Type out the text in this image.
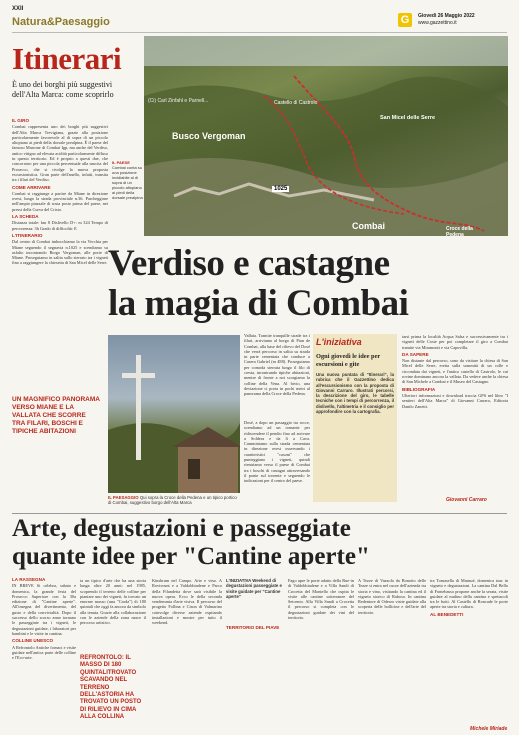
XXII
Natura&Paesaggio	G	Giovedì 26 Maggio 2022
www.gazzettino.it
Itinerari
È uno dei borghi più suggestivi dell'Alta Marca: come scoprirlo
(Ci) Carl Zinfahl e Parnell...	Castello di Castrolo
San Micel delle Serre
Busco Vergoman
1025
Croce della Pedena
Combai
IL PAESE Combai conta su una posizione invidiabile al di sopra di un piccolo altopiano ai piedi della dorsale prealpina
IL GIRO

Combai rappresenta uno dei borghi più suggestivi dell'Alta Marca Trevigiana, grazie alla posizione particolarmente favorevole al di sopra di un piccolo altopiano ai piedi della dorsale prealpina. È il paese del famoso Marrone di Combai Igp, ma anche del Verdiso, antico vitigno ad elevata acidità particolarmente diffuso in questo territorio. Ed è proprio a questi due, che concorrono per una piccola percentuale alla nascita del Prosecco, che si rivolge la nuova proposta escursionistica. Gran parte dell'anello, infatti, transita tra i filari del Verdiso.

COME ARRIVARE

Combai si raggiunge a partire da Miane in direzione ovest, lungo la strada provinciale n.36. Parcheggiare nell'ampio piazzale di sosta posto prima del paese, nei pressi della Curva del Cristo.

LA SCHEDA

Distanza totale: km 8 Dislivello D+: m 324 Tempo di percorrenza: 3h Grado di difficoltà: E

L'ITINERARIO

Dal centro di Combai imbocchiamo la via Vecchia per Miane seguendo il segnavia n.1025 e scendiamo su asfalto incontrando Borgo Vergoman, alle porte di Miane. Proseguiamo in salita sullo sterrato tra i vigneti fino a raggiungere la chiesetta di San Micel delle Serre.

UN MAGNIFICO PANORAMA VERSO MIANE E LA VALLATA CHE SCORRE TRA FILARI, BOSCHI E TIPICHE ABITAZIONI
Verdiso e castagne
la magia di Combai
IL PAESAGGIO Qui sopra la Croce della Pedena e un tipico portico di Combai, suggestivo borgo dell'Alta Marca

Vallata. Tramite tranquille strade tra i filari, arriviamo al borgo di Pian de Combai, alla base del rilievo del Dosé che verrà percorso in salita su strada in parte cementata che conduce a Casera Gabriel (m 488). Proseguiamo per comoda sterrata lungo il filo di cresta, incontrando tipiche abitazioni, mentre di fronte a noi scorgiamo la colline della Vena. Al bivio, una deviazione ci porta in pochi metri al panorama della Croce della Pedena.

Dosé, a dopo un passaggio tra rocce, scendiamo ad un tornante per ridiscendere il pendio fino ad arrivare a Soldera e da lì a Cava. Camminiamo sulla strada cementata in direzione ovest osservando i caratteristici "casoni" che punteggiano i vigneti, quindi rientriamo verso il paese di Combai tra i boschi di castagni attraversando il ponte sul torrente e seguendo le indicazioni per il centro del paese.

L'iniziativa
Ogni giovedì le idee per escursioni e gite
Una nuova puntata di "Itinerari", la rubrica che il Gazzettino dedica all'escursionismo con la proposta di Giovanni Carraro. Illustrati percorsi, la descrizione del giro, le tabelle tecniche con i tempi di percorrenza, il dislivello, l'altimetria e il consiglio per approfondire con la cartografia.

tarsi prima la località Acqua Salsa e successivamente tra i vigneti delle Coste per poi completare il giro a Combai tramite via Miramonti e via Capovilla.

DA SAPERE

Non distante dal percorso, sono da visitare la chiesa di San Micel delle Serre, eretta sulla sommità di un colle e circondata dai vigneti, e l'antico castello di Castrolo, le cui rovine dominano ancora la vallata. Da vedere anche la chiesa di San Michele a Combai e il Museo del Castagno.

BIBLIOGRAFIA

Ulteriori informazioni e download traccia GPS nel libro "I sentieri dell'Alta Marca" di Giovanni Carraro, Editoria Danilo Zanetti.

Giovanni Carraro
Arte, degustazioni e passeggiate
quante idee per "Cantine aperte"
LA RASSEGNA

IN BREVE Si celebra, sabato e domenica, la grande festa del Prosecco Superiore con la 30a edizione di "Cantine aperte". All'insegna del divertimento, del gusto e della convivialità. Dopo il successo dello scorso anno tornano le passeggiate tra i vigneti, le degustazioni guidate, i laboratori per bambini e le visite in cantina.

COLLINE UNESCO

A Refrontolo Antiche fornaci e visite guidate nell'antica parte delle colline e l'Eco-arte.

ta un tipico d'arte che ha una storia lunga oltre 20 anni: nel 1985, scoprendo il terreno delle colline per piantare uno dei vigneti, fu trovato un enorme masso (una "Croda") di 180 quintali che oggi fa ancora da simbolo alla tenuta. Grazie alla collaborazione con le aziende della zona nasce il percorso artistico.

REFRONTOLO: IL MASSO DI 180 QUINTALITROVATO SCAVANDO NEL TERRENO DELL'ASTORIA HA TROVATO UN POSTO DI RILIEVO IN CIMA ALLA COLLINA

Kinsbrum nel Campo. Arte e vino. A Rovisvunt e a Valdobbiadene e Parco della Filandetta dove sarà visibile la nuova opera. Ecco le della seconda vendemmia d'arte visiva. Il percorso del progetto Follina e Cison di Valmarino coinvolge diverse aziende ospitando installazioni e mostre per tutto il weekend.

L'INIZIATIVA Weekend di degustazioni passeggiate e visite guidate per "Cantine aperte"
TERRITORIO DEL PIAVE

Fago apre le porte adatto della Rue-in di Valdobbiadene e a Villa Sandi di Crocetta del Montello che ospita le visite alle cantine sotterranee del Seicento. Alla Villa Sandi a Crocetta il percorso si completa con le degustazioni guidate dei vini del territorio.

A Tezze di Vazzola da Bonotto delle Tezze si entra nel cuore dell'azienda tra storia e vino, visitando la cantina ed il vigneto storico di Raboso. In cantina Redentore di Oderzo visite guidate alla scoperta delle bollicine e dell'arte del territorio.

tra Tomasella di Mansué, domenica tour in vigneto e degustazioni. La cantina Dal Bello di Fontebasso propone anche la serata, visite guidate al mulino della cantina e spettacoli tra le botti. Al Castello di Roncade le porte aperte tra storia e cultura.

AL BENEDETTI
Michele Miriade
